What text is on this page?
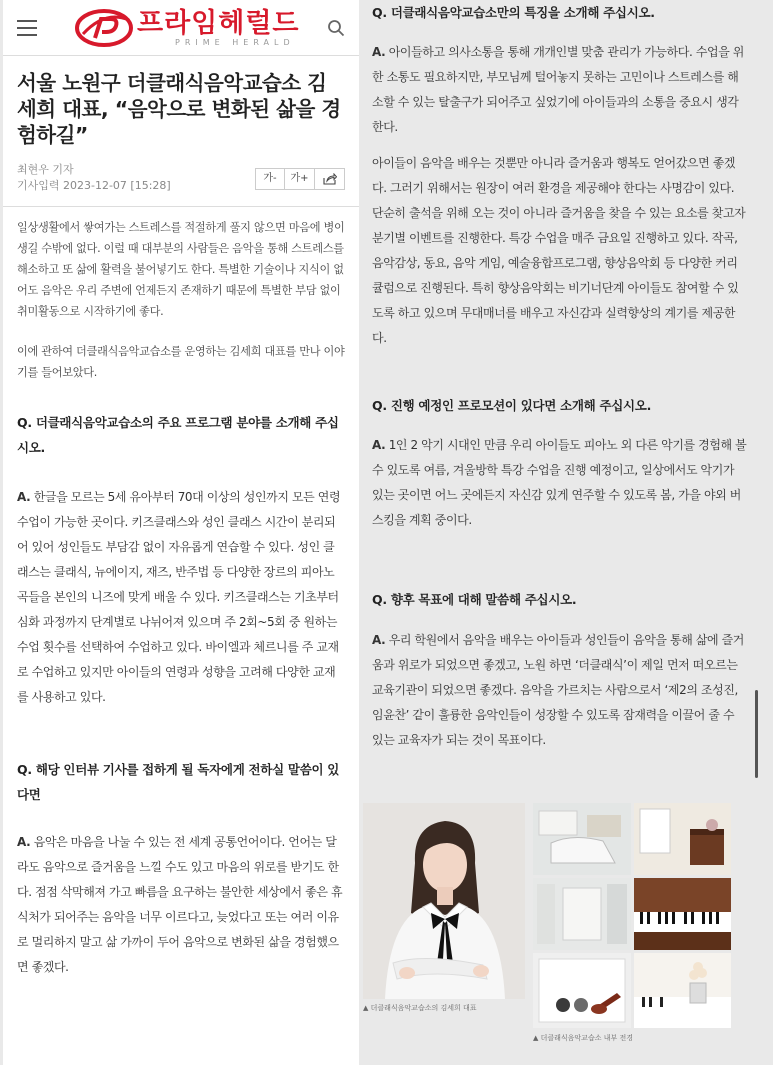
프라임헤럴드
PRIME HERALD
서울 노원구 더클래식음악교습소 김세희 대표, “음악으로 변화된 삶을 경험하길”
최현우 기자
기사입력 2023-12-07 [15:28]
가-	가+

일상생활에서 쌓여가는 스트레스를 적절하게 풀지 않으면 마음에 병이 생길 수밖에 없다. 이럴 때 대부분의 사람들은 음악을 통해 스트레스를 해소하고 또 삶에 활력을 불어넣기도 한다. 특별한 기술이나 지식이 없어도 음악은 우리 주변에 언제든지 존재하기 때문에 특별한 부담 없이 취미활동으로 시작하기에 좋다.

이에 관하여 더클래식음악교습소를 운영하는 김세희 대표를 만나 이야기를 들어보았다.

Q. 더클래식음악교습소의 주요 프로그램 분야를 소개해 주십시오.
A. 한글을 모르는 5세 유아부터 70대 이상의 성인까지 모든 연령 수업이 가능한 곳이다. 키즈클래스와 성인 클래스 시간이 분리되어 있어 성인들도 부담감 없이 자유롭게 연습할 수 있다. 성인 클래스는 클래식, 뉴에이지, 재즈, 반주법 등 다양한 장르의 피아노곡들을 본인의 니즈에 맞게 배울 수 있다. 키즈클래스는 기초부터 심화 과정까지 단계별로 나뉘어져 있으며 주 2회~5회 중 원하는 수업 횟수를 선택하여 수업하고 있다. 바이엘과 체르니를 주 교재로 수업하고 있지만 아이들의 연령과 성향을 고려해 다양한 교재를 사용하고 있다.
Q. 해당 인터뷰 기사를 접하게 될 독자에게 전하실 말씀이 있다면
A. 음악은 마음을 나눌 수 있는 전 세계 공통언어이다. 언어는 달라도 음악으로 즐거움을 느낄 수도 있고 마음의 위로를 받기도 한다. 점점 삭막해져 가고 빠름을 요구하는 불안한 세상에서 좋은 휴식처가 되어주는 음악을 너무 이르다고, 늦었다고 또는 여러 이유로 멀리하지 말고 삶 가까이 두어 음악으로 변화된 삶을 경험했으면 좋겠다.
Q. 더클래식음악교습소만의 특징을 소개해 주십시오.
A. 아이들하고 의사소통을 통해 개개인별 맞춤 관리가 가능하다. 수업을 위한 소통도 필요하지만, 부모님께 털어놓지 못하는 고민이나 스트레스를 해소할 수 있는 탈출구가 되어주고 싶었기에 아이들과의 소통을 중요시 생각한다.
아이들이 음악을 배우는 것뿐만 아니라 즐거움과 행복도 얻어갔으면 좋겠다. 그러기 위해서는 원장이 여러 환경을 제공해야 한다는 사명감이 있다. 단순히 출석을 위해 오는 것이 아니라 즐거움을 찾을 수 있는 요소를 찾고자 분기별 이벤트를 진행한다. 특강 수업을 매주 금요일 진행하고 있다. 작곡, 음악감상, 동요, 음악 게임, 예술융합프로그램, 향상음악회 등 다양한 커리큘럼으로 진행된다. 특히 향상음악회는 비기너단계 아이들도 참여할 수 있도록 하고 있으며 무대매너를 배우고 자신감과 실력향상의 계기를 제공한다.
Q. 진행 예정인 프로모션이 있다면 소개해 주십시오.
A. 1인 2 악기 시대인 만큼 우리 아이들도 피아노 외 다른 악기를 경험해 볼 수 있도록 여름, 겨울방학 특강 수업을 진행 예정이고, 일상에서도 악기가 있는 곳이면 어느 곳에든지 자신감 있게 연주할 수 있도록 봄, 가을 야외 버스킹을 계획 중이다.
Q. 향후 목표에 대해 말씀해 주십시오.
A. 우리 학원에서 음악을 배우는 아이들과 성인들이 음악을 통해 삶에 즐거움과 위로가 되었으면 좋겠고, 노원 하면 ‘더클래식’이 제일 먼저 떠오르는 교육기관이 되었으면 좋겠다. 음악을 가르치는 사람으로서 ‘제2의 조성진, 임윤찬’ 같이 훌륭한 음악인들이 성장할 수 있도록 잠재력을 이끌어 줄 수 있는 교육자가 되는 것이 목표이다.
▲ 더클래식음악교습소의 김세희 대표
▲ 더클래식음악교습소 내부 전경
